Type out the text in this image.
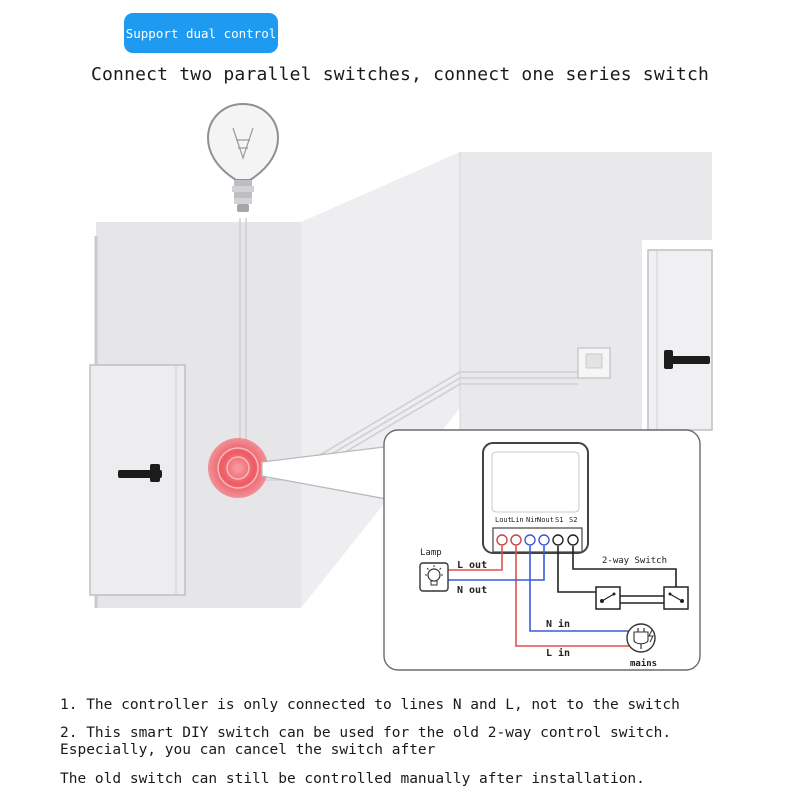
Support dual control
Connect two parallel switches, connect one series switch
Lout Lin Nin
Nout S1 S2
Lamp
L out
N out
2-way Switch
N in
L in
mains
1. The controller is only connected to lines N and L, not to the switch
2. This smart DIY switch can be used for the old 2-way control switch.
Especially, you can cancel the switch after
The old switch can still be controlled manually after installation.
